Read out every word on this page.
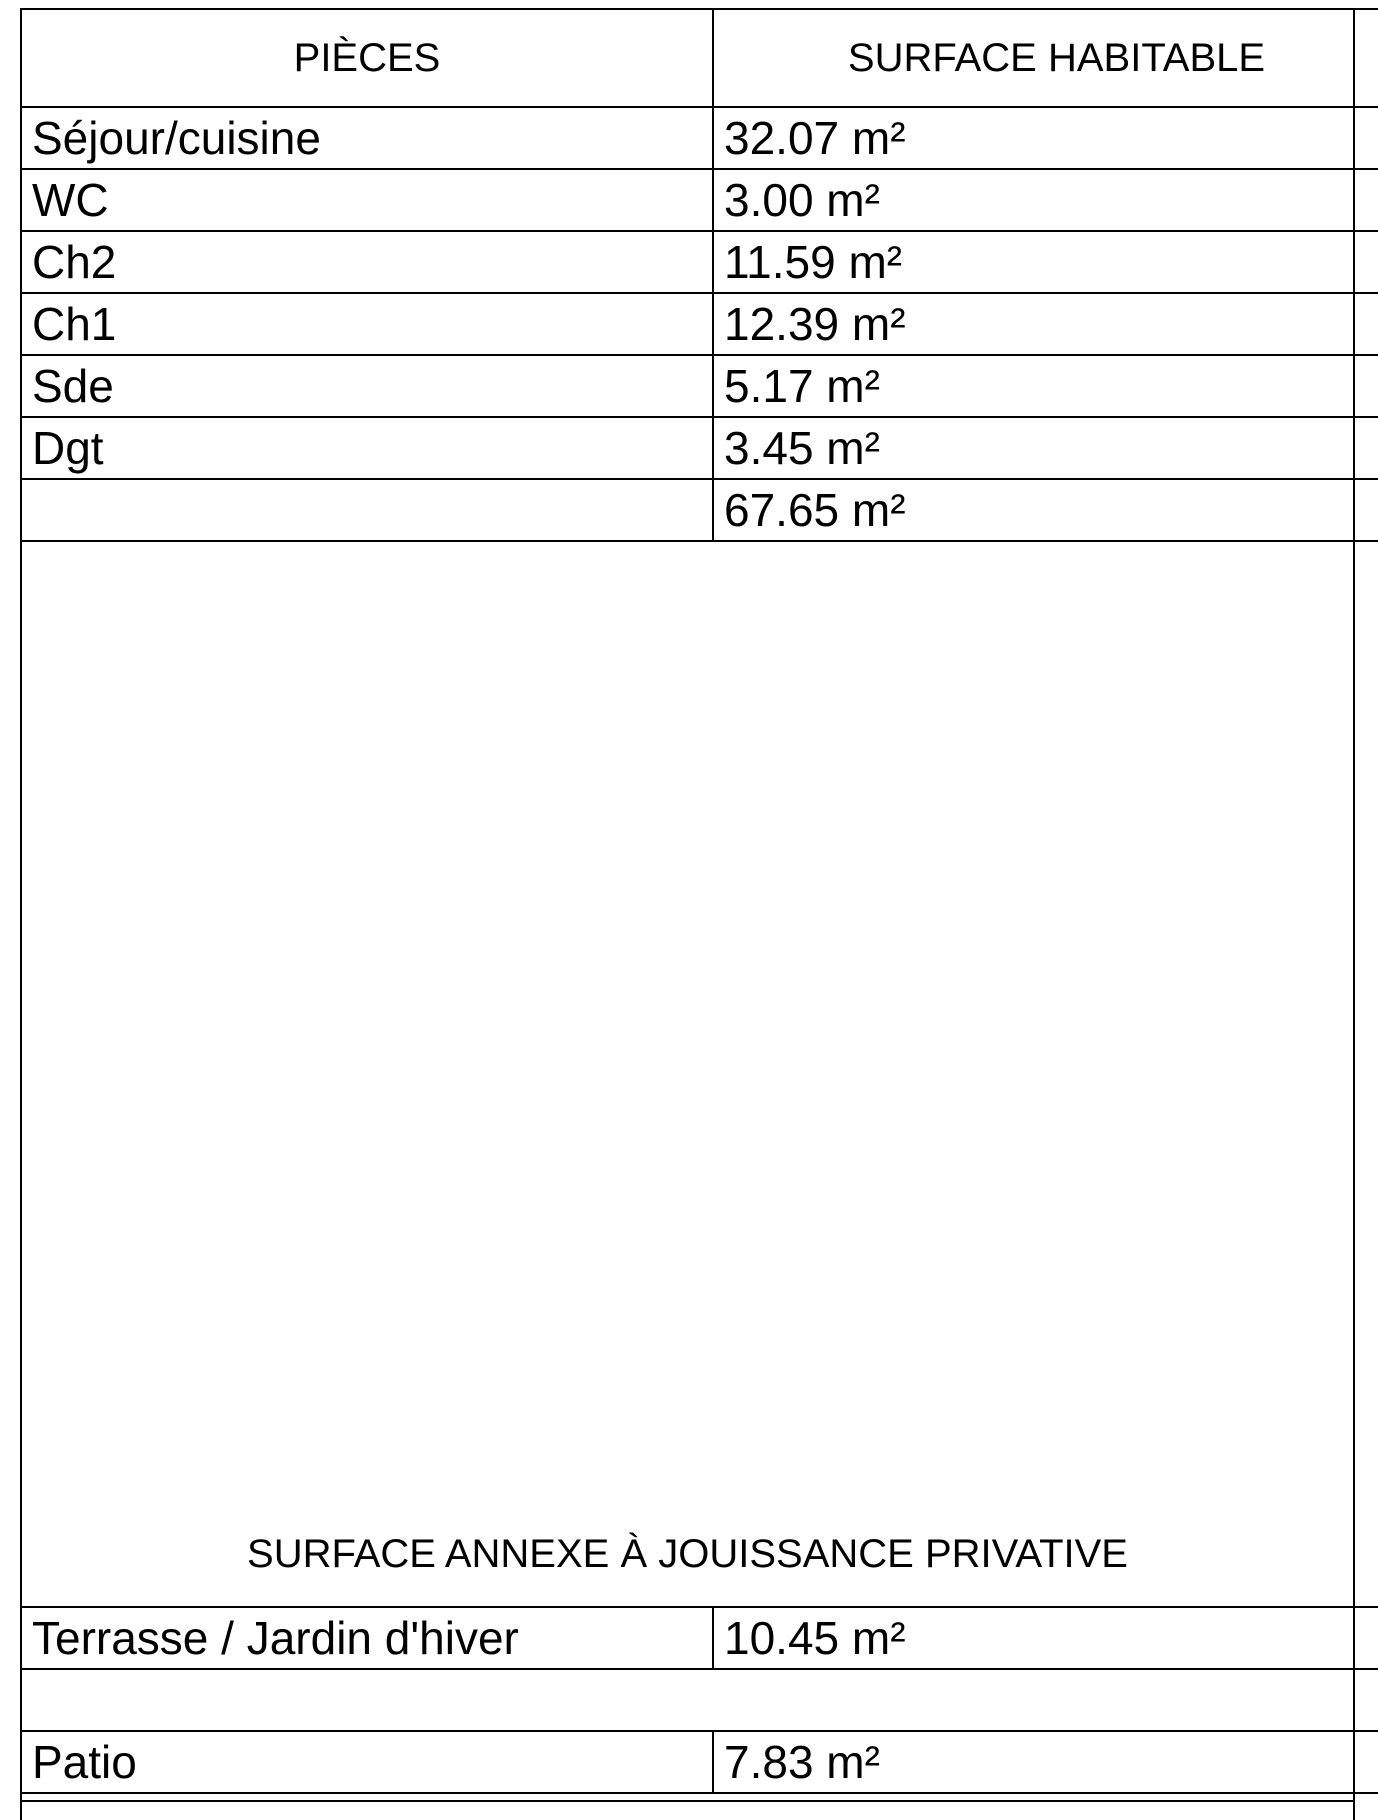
PIÈCES	SURFACE HABITABLE
Séjour/cuisine	32.07 m²
WC	3.00 m²
Ch2	11.59 m²
Ch1	12.39 m²
Sde	5.17 m²
Dgt	3.45 m²
	67.65 m²
SURFACE ANNEXE À JOUISSANCE PRIVATIVE
Terrasse / Jardin d'hiver	10.45 m²

Patio	7.83 m²
